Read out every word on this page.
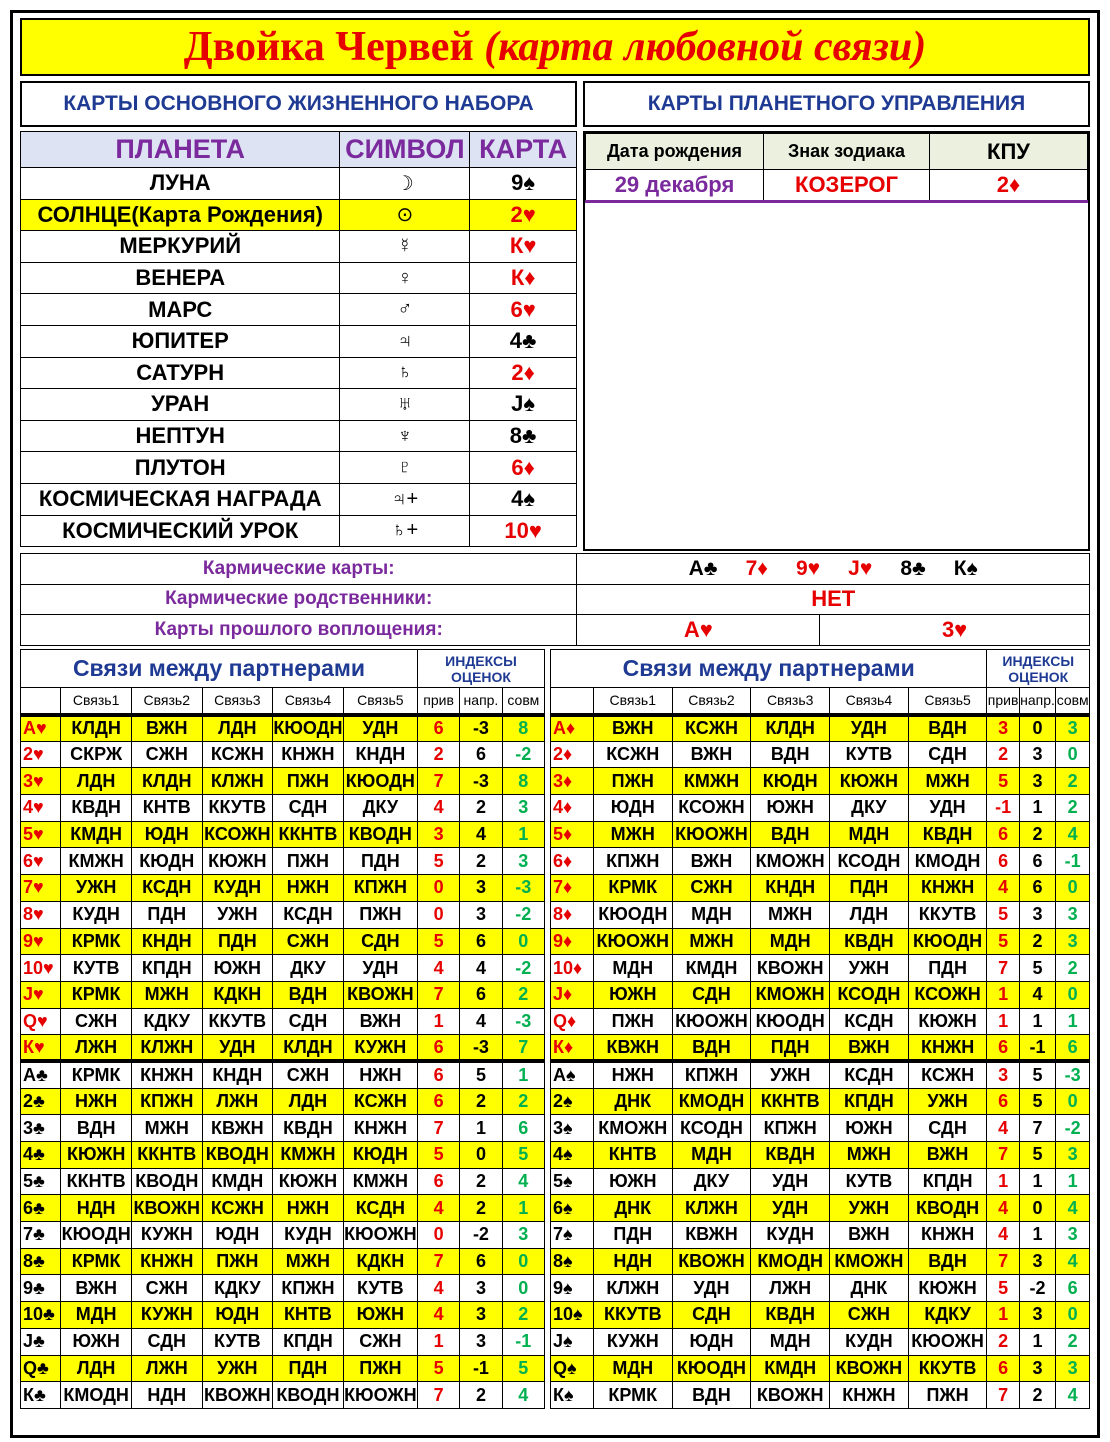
Двойка Червей (карта любовной связи)
КАРТЫ ОСНОВНОГО ЖИЗНЕННОГО НАБОРА	КАРТЫ ПЛАНЕТНОГО УПРАВЛЕНИЯ
ПЛАНЕТА	СИМВОЛ	КАРТА
ЛУНА	☽	9♠
СОЛНЦЕ(Карта Рождения)	⊙	2♥
МЕРКУРИЙ	☿	К♥
ВЕНЕРА	♀	К♦
МАРС	♂	6♥
ЮПИТЕР	♃	4♣
САТУРН	♄	2♦
УРАН	♅	J♠
НЕПТУН	♆	8♣
ПЛУТОН	♇	6♦
КОСМИЧЕСКАЯ НАГРАДА	♃+	4♠
КОСМИЧЕСКИЙ УРОК	♄+	10♥
Дата рождения	Знак зодиака	КПУ
29 декабря	КОЗЕРОГ	2♦
Кармические карты:	А♣ 7♦ 9♥ J♥ 8♣ К♠	
Кармические родственники:	НЕТ	
Карты прошлого воплощения:	А♥	3♥
Связи между партнерами						ИНДЕКСЫ ОЦЕНОК		
	Связь1	Связь2	Связь3	Связь4	Связь5	прив	напр.	совм
А♥	КЛДН	ВЖН	ЛДН	КЮОДН	УДН	6	-3	8
2♥	СКРЖ	СЖН	КСЖН	КНЖН	КНДН	2	6	-2
3♥	ЛДН	КЛДН	КЛЖН	ПЖН	КЮОДН	7	-3	8
4♥	КВДН	КНТВ	ККУТВ	СДН	ДКУ	4	2	3
5♥	КМДН	ЮДН	КСОЖН	ККНТВ	КВОДН	3	4	1
6♥	КМЖН	КЮДН	КЮЖН	ПЖН	ПДН	5	2	3
7♥	УЖН	КСДН	КУДН	НЖН	КПЖН	0	3	-3
8♥	КУДН	ПДН	УЖН	КСДН	ПЖН	0	3	-2
9♥	КРМК	КНДН	ПДН	СЖН	СДН	5	6	0
10♥	КУТВ	КПДН	ЮЖН	ДКУ	УДН	4	4	-2
J♥	КРМК	МЖН	КДКН	ВДН	КВОЖН	7	6	2
Q♥	СЖН	КДКУ	ККУТВ	СДН	ВЖН	1	4	-3
К♥	ЛЖН	КЛЖН	УДН	КЛДН	КУЖН	6	-3	7
А♣	КРМК	КНЖН	КНДН	СЖН	НЖН	6	5	1
2♣	НЖН	КПЖН	ЛЖН	ЛДН	КСЖН	6	2	2
3♣	ВДН	МЖН	КВЖН	КВДН	КНЖН	7	1	6
4♣	КЮЖН	ККНТВ	КВОДН	КМЖН	КЮДН	5	0	5
5♣	ККНТВ	КВОДН	КМДН	КЮЖН	КМЖН	6	2	4
6♣	НДН	КВОЖН	КСЖН	НЖН	КСДН	4	2	1
7♣	КЮОДН	КУЖН	ЮДН	КУДН	КЮОЖН	0	-2	3
8♣	КРМК	КНЖН	ПЖН	МЖН	КДКН	7	6	0
9♣	ВЖН	СЖН	КДКУ	КПЖН	КУТВ	4	3	0
10♣	МДН	КУЖН	ЮДН	КНТВ	ЮЖН	4	3	2
J♣	ЮЖН	СДН	КУТВ	КПДН	СЖН	1	3	-1
Q♣	ЛДН	ЛЖН	УЖН	ПДН	ПЖН	5	-1	5
К♣	КМОДН	НДН	КВОЖН	КВОДН	КЮОЖН	7	2	4
Связи между партнерами						ИНДЕКСЫ ОЦЕНОК		
	Связь1	Связь2	Связь3	Связь4	Связь5	прив	напр.	совм
А♦	ВЖН	КСЖН	КЛДН	УДН	ВДН	3	0	3
2♦	КСЖН	ВЖН	ВДН	КУТВ	СДН	2	3	0
3♦	ПЖН	КМЖН	КЮДН	КЮЖН	МЖН	5	3	2
4♦	ЮДН	КСОЖН	ЮЖН	ДКУ	УДН	-1	1	2
5♦	МЖН	КЮОЖН	ВДН	МДН	КВДН	6	2	4
6♦	КПЖН	ВЖН	КМОЖН	КСОДН	КМОДН	6	6	-1
7♦	КРМК	СЖН	КНДН	ПДН	КНЖН	4	6	0
8♦	КЮОДН	МДН	МЖН	ЛДН	ККУТВ	5	3	3
9♦	КЮОЖН	МЖН	МДН	КВДН	КЮОДН	5	2	3
10♦	МДН	КМДН	КВОЖН	УЖН	ПДН	7	5	2
J♦	ЮЖН	СДН	КМОЖН	КСОДН	КСОЖН	1	4	0
Q♦	ПЖН	КЮОЖН	КЮОДН	КСДН	КЮЖН	1	1	1
К♦	КВЖН	ВДН	ПДН	ВЖН	КНЖН	6	-1	6
А♠	НЖН	КПЖН	УЖН	КСДН	КСЖН	3	5	-3
2♠	ДНК	КМОДН	ККНТВ	КПДН	УЖН	6	5	0
3♠	КМОЖН	КСОДН	КПЖН	ЮЖН	СДН	4	7	-2
4♠	КНТВ	МДН	КВДН	МЖН	ВЖН	7	5	3
5♠	ЮЖН	ДКУ	УДН	КУТВ	КПДН	1	1	1
6♠	ДНК	КЛЖН	УДН	УЖН	КВОДН	4	0	4
7♠	ПДН	КВЖН	КУДН	ВЖН	КНЖН	4	1	3
8♠	НДН	КВОЖН	КМОДН	КМОЖН	ВДН	7	3	4
9♠	КЛЖН	УДН	ЛЖН	ДНК	КЮЖН	5	-2	6
10♠	ККУТВ	СДН	КВДН	СЖН	КДКУ	1	3	0
J♠	КУЖН	ЮДН	МДН	КУДН	КЮОЖН	2	1	2
Q♠	МДН	КЮОДН	КМДН	КВОЖН	ККУТВ	6	3	3
К♠	КРМК	ВДН	КВОЖН	КНЖН	ПЖН	7	2	4
